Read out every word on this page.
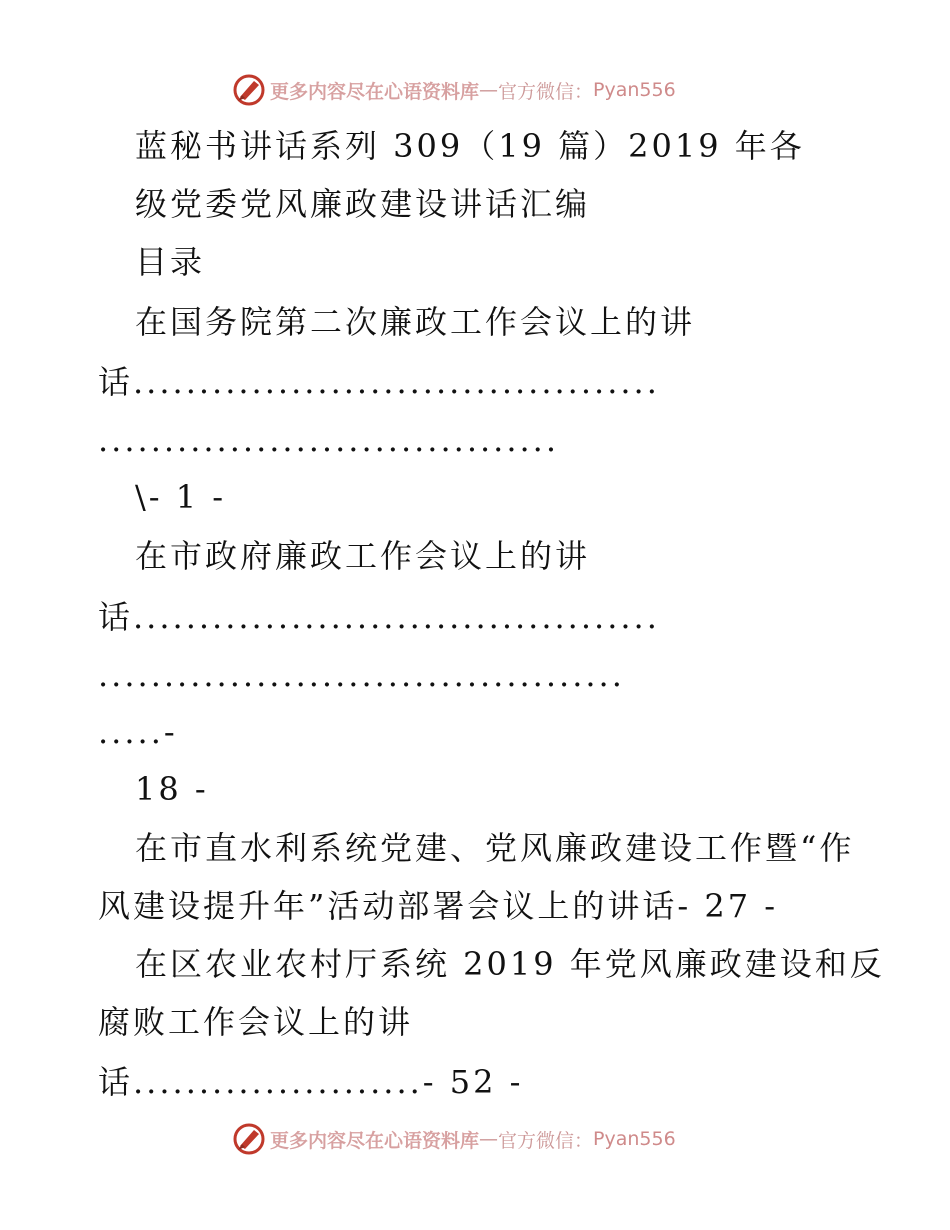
更多内容尽在心语资料库 — 官方微信： Pyan556
蓝秘书讲话系列 309（19 篇）2019 年各
级党委党风廉政建设讲话汇编
目录
在国务院第二次廉政工作会议上的讲
话........................................
...................................
\- 1 -
在市政府廉政工作会议上的讲
话........................................
........................................
.....-
18 -
在市直水利系统党建、党风廉政建设工作暨“作
风建设提升年”活动部署会议上的讲话- 27 -
在区农业农村厅系统 2019 年党风廉政建设和反
腐败工作会议上的讲
话......................- 52 -
更多内容尽在心语资料库 — 官方微信： Pyan556
